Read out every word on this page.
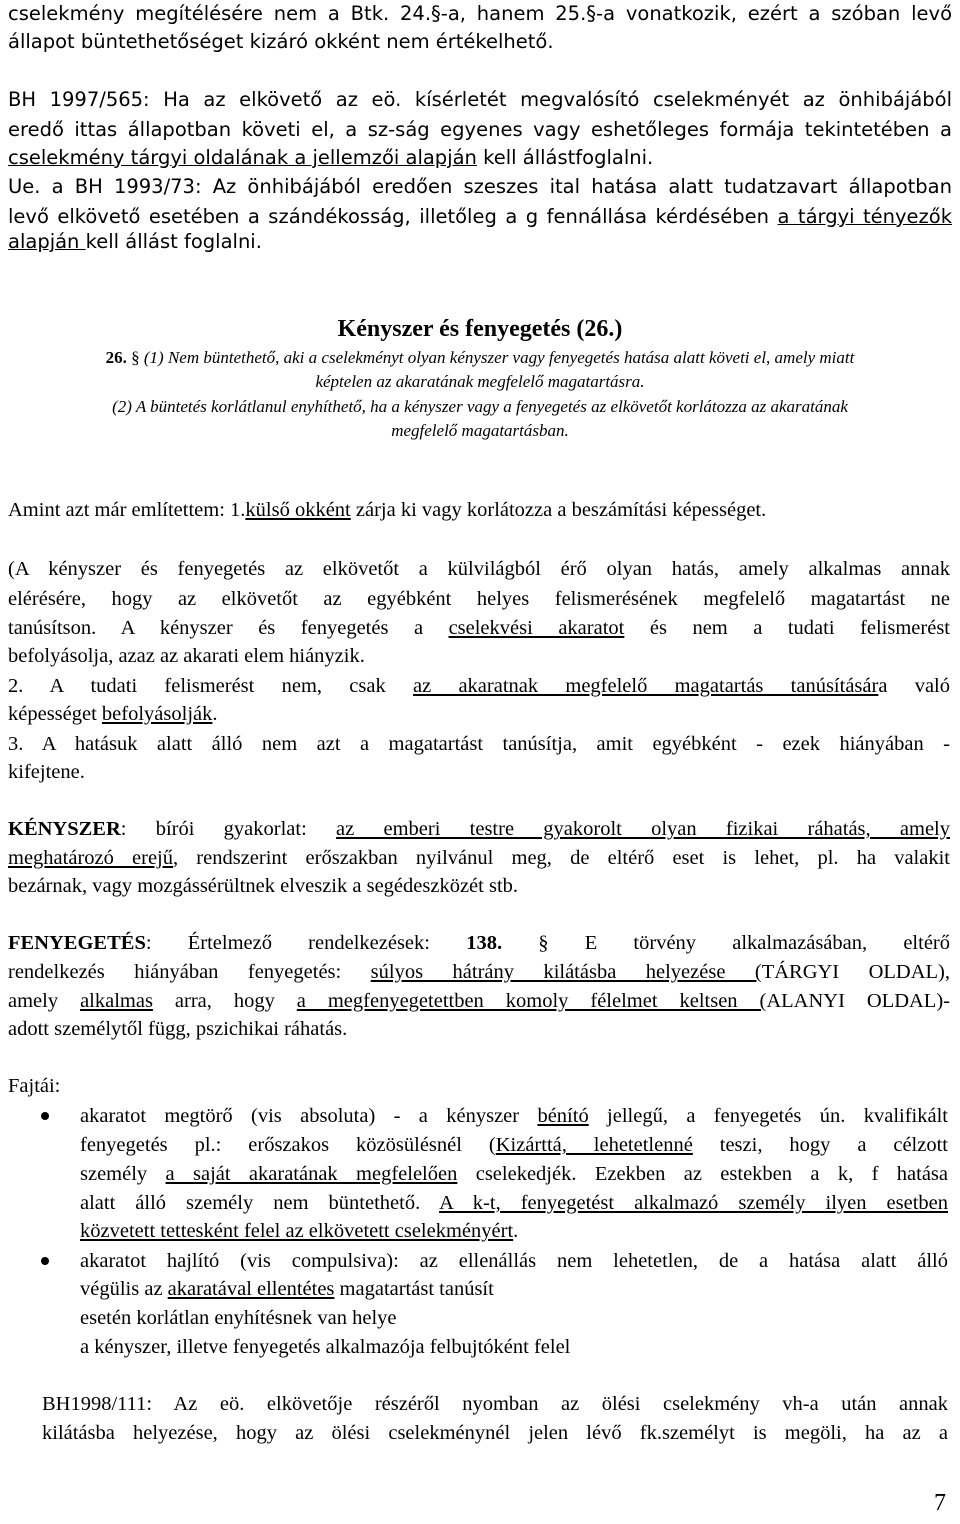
cselekmény megítélésére nem a Btk. 24.§-a, hanem 25.§-a vonatkozik, ezért a szóban levő
állapot büntethetőséget kizáró okként nem értékelhető.
BH 1997/565: Ha az elkövető az eö. kísérletét megvalósító cselekményét az önhibájából
eredő ittas állapotban követi el, a sz-ság egyenes vagy eshetőleges formája tekintetében a
cselekmény tárgyi oldalának a jellemzői alapján kell állástfoglalni.
Ue. a BH 1993/73: Az önhibájából eredően szeszes ital hatása alatt tudatzavart állapotban
levő elkövető esetében a szándékosság, illetőleg a g fennállása kérdésében a tárgyi tényezők
alapján kell állást foglalni.
Kényszer és fenyegetés (26.)
26. § (1) Nem büntethető, aki a cselekményt olyan kényszer vagy fenyegetés hatása alatt követi el, amely miatt
képtelen az akaratának megfelelő magatartásra.
(2) A büntetés korlátlanul enyhíthető, ha a kényszer vagy a fenyegetés az elkövetőt korlátozza az akaratának
megfelelő magatartásban.
Amint azt már említettem: 1.külső okként zárja ki vagy korlátozza a beszámítási képességet.
(A kényszer és fenyegetés az elkövetőt a külvilágból érő olyan hatás, amely alkalmas annak
elérésére, hogy az elkövetőt az egyébként helyes felismerésének megfelelő magatartást ne
tanúsítson. A kényszer és fenyegetés a cselekvési akaratot és nem a tudati felismerést
befolyásolja, azaz az akarati elem hiányzik.
2. A tudati felismerést nem, csak az akaratnak megfelelő magatartás tanúsítására való
képességet befolyásolják.
3. A hatásuk alatt álló nem azt a magatartást tanúsítja, amit egyébként - ezek hiányában -
kifejtene.
KÉNYSZER: bírói gyakorlat: az emberi testre gyakorolt olyan fizikai ráhatás, amely
meghatározó erejű, rendszerint erőszakban nyilvánul meg, de eltérő eset is lehet, pl. ha valakit
bezárnak, vagy mozgássérültnek elveszik a segédeszközét stb.
FENYEGETÉS: Értelmező rendelkezések: 138. § E törvény alkalmazásában, eltérő
rendelkezés hiányában fenyegetés: súlyos hátrány kilátásba helyezése (TÁRGYI OLDAL),
amely alkalmas arra, hogy a megfenyegetettben komoly félelmet keltsen (ALANYI OLDAL)-
adott személytől függ, pszichikai ráhatás.
Fajtái:
akaratot megtörő (vis absoluta) - a kényszer bénító jellegű, a fenyegetés ún. kvalifikált
fenyegetés pl.: erőszakos közösülésnél (Kizárttá, lehetetlenné teszi, hogy a célzott
személy a saját akaratának megfelelően cselekedjék. Ezekben az estekben a k, f hatása
alatt álló személy nem büntethető. A k-t, fenyegetést alkalmazó személy ilyen esetben
közvetett tettesként felel az elkövetett cselekményért.
akaratot hajlító (vis compulsiva): az ellenállás nem lehetetlen, de a hatása alatt álló
végülis az akaratával ellentétes magatartást tanúsít
esetén korlátlan enyhítésnek van helye
a kényszer, illetve fenyegetés alkalmazója felbujtóként felel
BH1998/111: Az eö. elkövetője részéről nyomban az ölési cselekmény vh-a után annak
kilátásba helyezése, hogy az ölési cselekménynél jelen lévő fk.személyt is megöli, ha az a
7
